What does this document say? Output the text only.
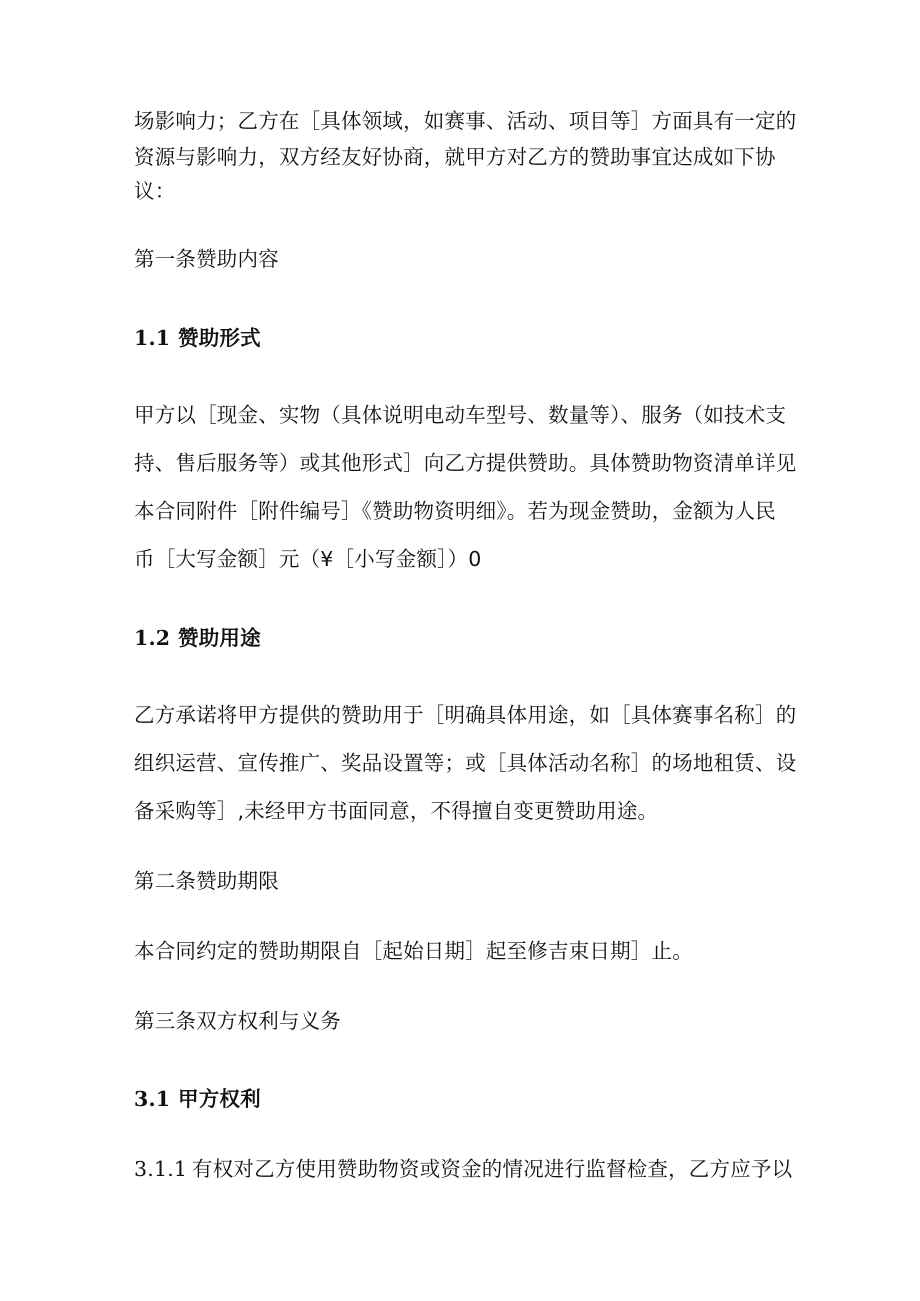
场影响力；乙方在［具体领域，如赛事、活动、项目等］方面具有一定的
资源与影响力，双方经友好协商，就甲方对乙方的赞助事宜达成如下协
议：
第一条赞助内容
1.1 赞助形式
甲方以［现金、实物（具体说明电动车型号、数量等）、服务（如技术支
持、售后服务等）或其他形式］向乙方提供赞助。具体赞助物资清单详见
本合同附件［附件编号］《赞助物资明细》。若为现金赞助，金额为人民
币［大写金额］元（¥［小写金额］）0
1.2 赞助用途
乙方承诺将甲方提供的赞助用于［明确具体用途，如［具体赛事名称］的
组织运营、宣传推广、奖品设置等；或［具体活动名称］的场地租赁、设
备采购等］,未经甲方书面同意，不得擅自变更赞助用途。
第二条赞助期限
本合同约定的赞助期限自［起始日期］起至修吉束日期］止。
第三条双方权利与义务
3.1 甲方权利
3.1.1 有权对乙方使用赞助物资或资金的情况进行监督检查，乙方应予以
